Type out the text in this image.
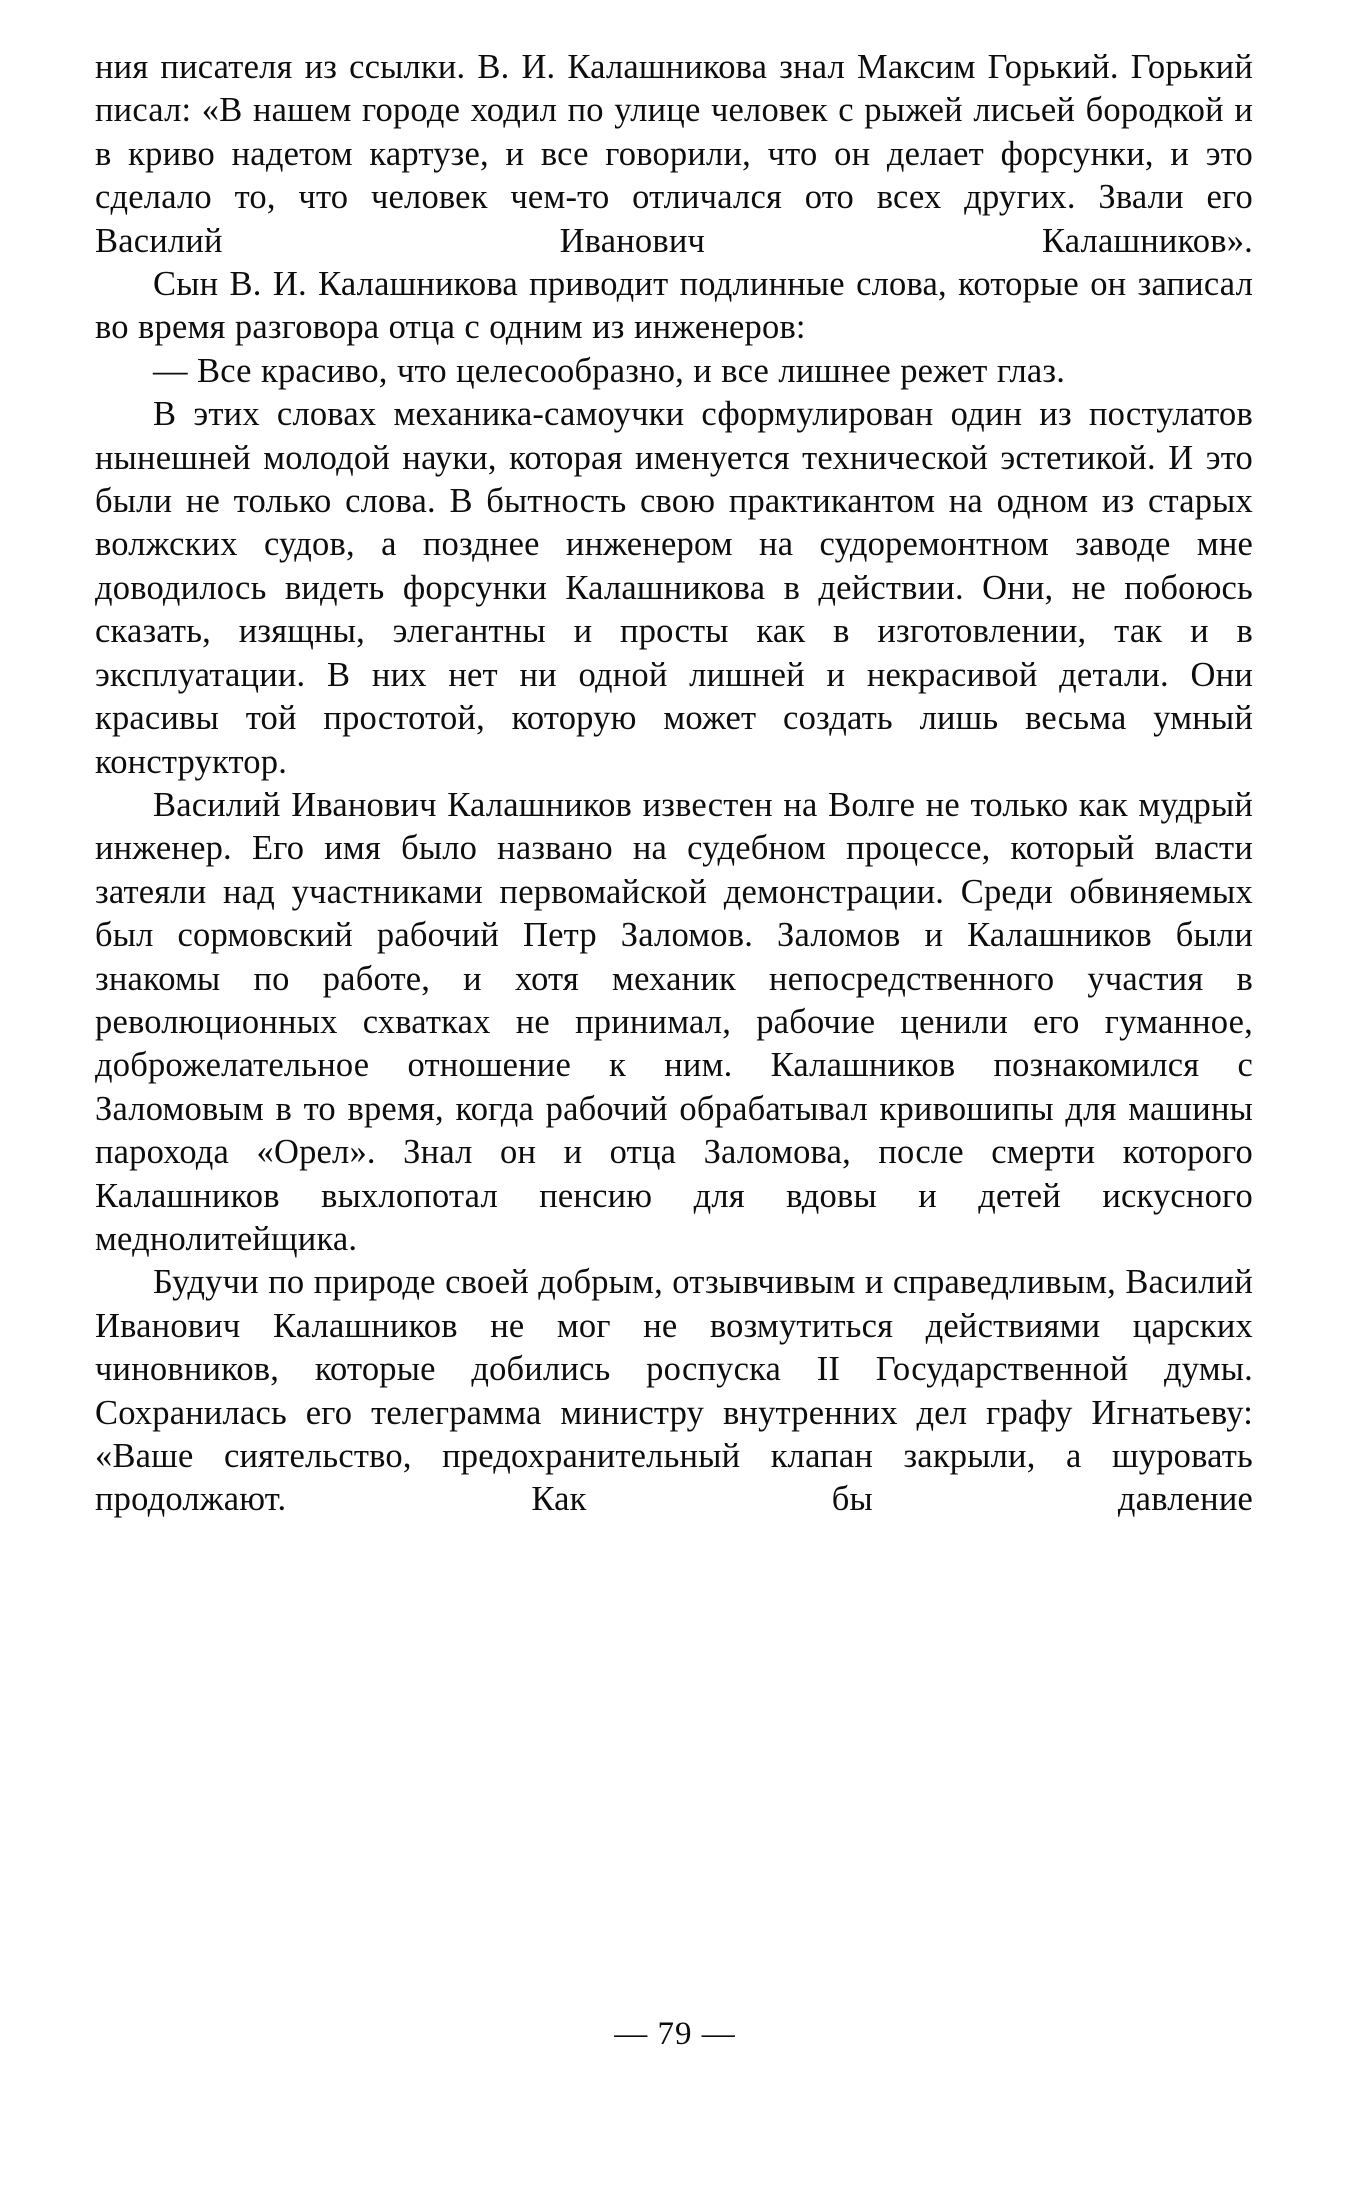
ния писателя из ссылки. В. И. Калашникова знал Максим Горький. Горький писал: «В нашем городе ходил по улице человек с рыжей лисьей бородкой и в криво надетом картузе, и все говорили, что он делает форсунки, и это сделало то, что человек чем-то отличался ото всех других. Звали его Василий Иванович Калашников».

Сын В. И. Калашникова приводит подлинные слова, которые он записал во время разговора отца с одним из инженеров:

— Все красиво, что целесообразно, и все лишнее режет глаз.

В этих словах механика-самоучки сформулирован один из постулатов нынешней молодой науки, которая именуется технической эстетикой. И это были не только слова. В бытность свою практикантом на одном из старых волжских судов, а позднее инженером на судоремонтном заводе мне доводилось видеть форсунки Калашникова в действии. Они, не побоюсь сказать, изящны, элегантны и просты как в изготовлении, так и в эксплуатации. В них нет ни одной лишней и некрасивой детали. Они красивы той простотой, которую может создать лишь весьма умный конструктор.

Василий Иванович Калашников известен на Волге не только как мудрый инженер. Его имя было названо на судебном процессе, который власти затеяли над участниками первомайской демонстрации. Среди обвиняемых был сормовский рабочий Петр Заломов. Заломов и Калашников были знакомы по работе, и хотя механик непосредственного участия в революционных схватках не принимал, рабочие ценили его гуманное, доброжелательное отношение к ним. Калашников познакомился с Заломовым в то время, когда рабочий обрабатывал кривошипы для машины парохода «Орел». Знал он и отца Заломова, после смерти которого Калашников выхлопотал пенсию для вдовы и детей искусного меднолитейщика.

Будучи по природе своей добрым, отзывчивым и справедливым, Василий Иванович Калашников не мог не возмутиться действиями царских чиновников, которые добились роспуска II Государственной думы. Сохранилась его телеграмма министру внутренних дел графу Игнатьеву: «Ваше сиятельство, предохранительный клапан закрыли, а шуровать продолжают. Как бы давление

— 79 —
